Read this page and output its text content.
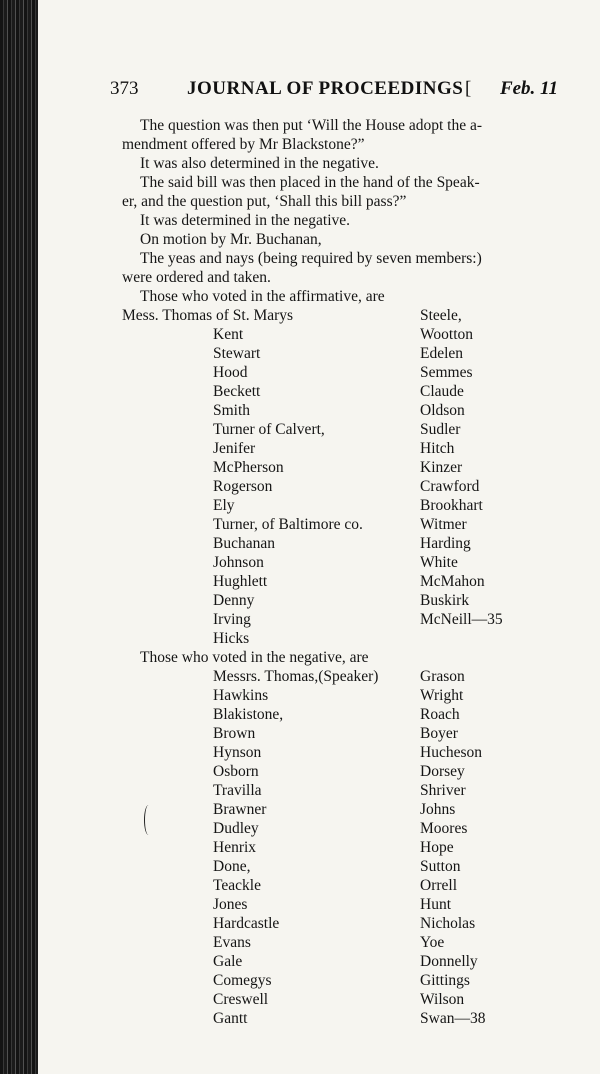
373	JOURNAL OF PROCEEDINGS [ Feb. 11

The question was then put ‘Will the House adopt the a-

mendment offered by Mr Blackstone?”

It was also determined in the negative.

The said bill was then placed in the hand of the Speak-

er, and the question put, ‘Shall this bill pass?”

It was determined in the negative.

On motion by Mr. Buchanan,

The yeas and nays (being required by seven members:)

were ordered and taken.

Those who voted in the affirmative, are

Mess. Thomas of St. Marys	Steele,
Kent	Wootton
Stewart	Edelen
Hood	Semmes
Beckett	Claude
Smith	Oldson
Turner of Calvert,	Sudler
Jenifer	Hitch
McPherson	Kinzer
Rogerson	Crawford
Ely	Brookhart
Turner, of Baltimore co.	Witmer
Buchanan	Harding
Johnson	White
Hughlett	McMahon
Denny	Buskirk
Irving	McNeill—35
Hicks

Those who voted in the negative, are

Messrs. Thomas,(Speaker)	Grason
Hawkins	Wright
Blakistone,	Roach
Brown	Boyer
Hynson	Hucheson
Osborn	Dorsey
Travilla	Shriver
Brawner	Johns
Dudley	Moores
Henrix	Hope
Done,	Sutton
Teackle	Orrell
Jones	Hunt
Hardcastle	Nicholas
Evans	Yoe
Gale	Donnelly
Comegys	Gittings
Creswell	Wilson
Gantt	Swan—38
